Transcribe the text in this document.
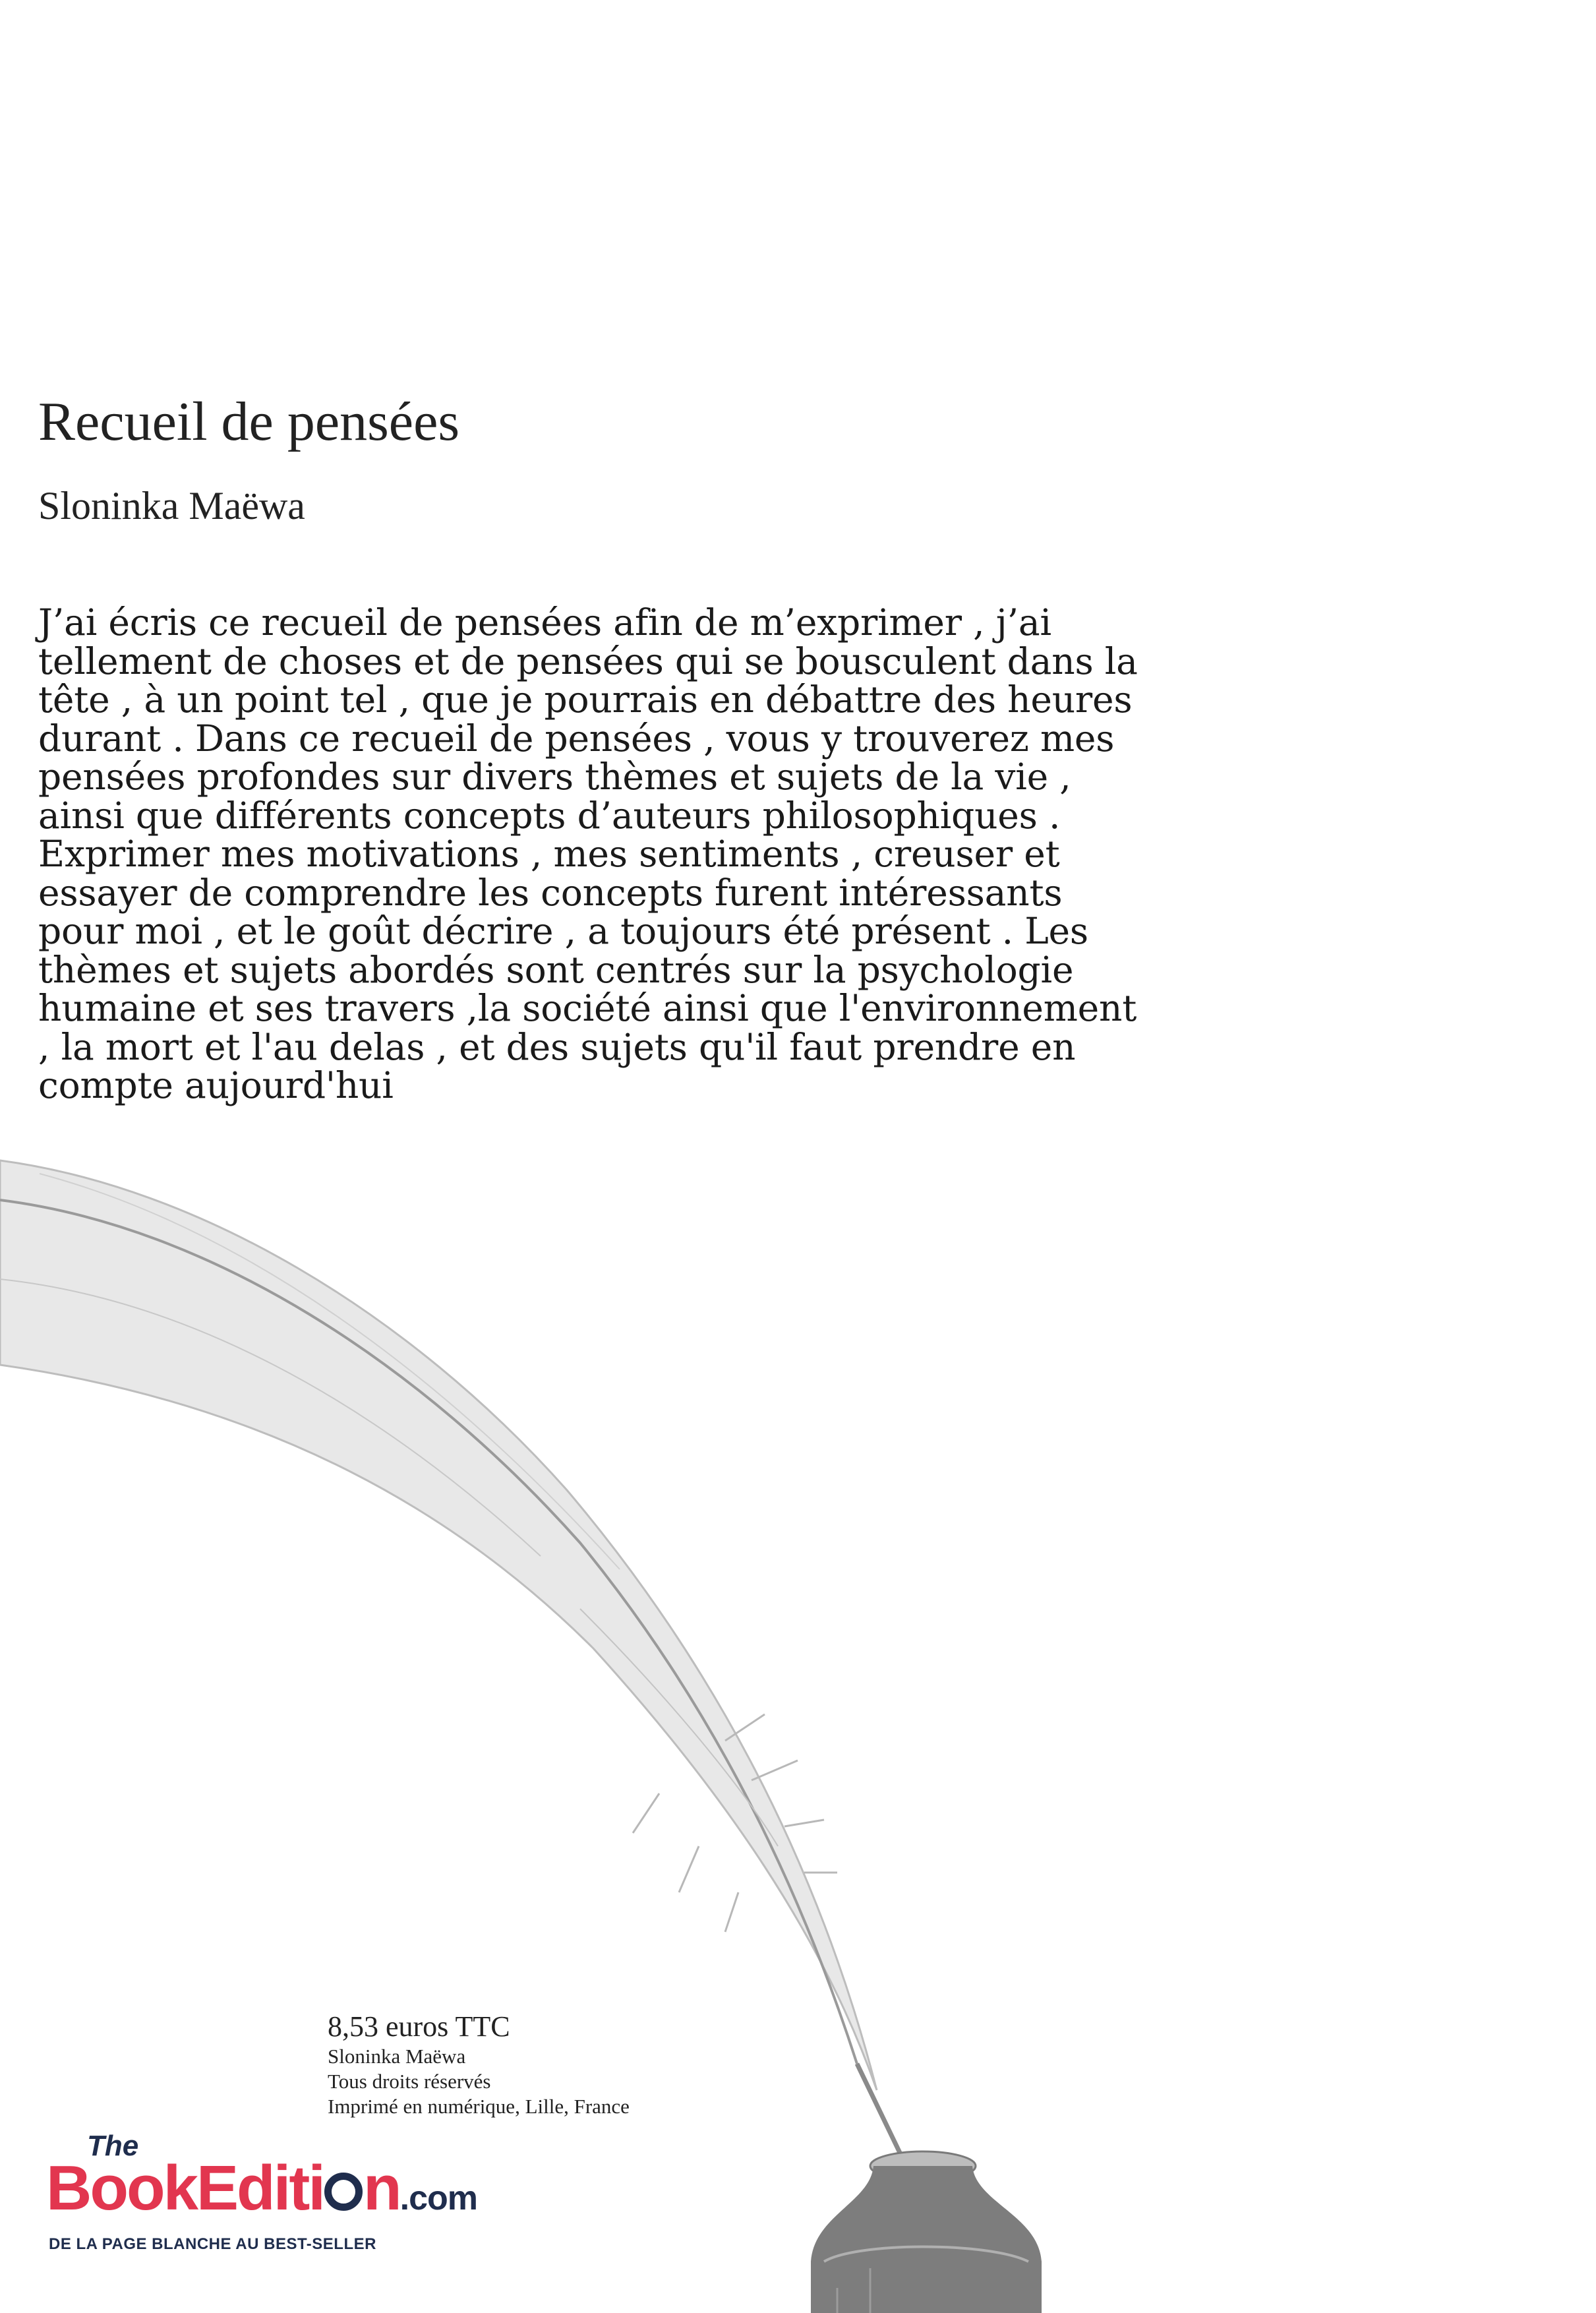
Recueil de pensées

Sloninka Maëwa

J’ai écris ce recueil de pensées afin de m’exprimer , j’ai
tellement de choses et de pensées qui se bousculent dans la
tête , à un point tel , que je pourrais en débattre des heures
durant . Dans ce recueil de pensées , vous y trouverez mes
pensées profondes sur divers thèmes et sujets de la vie ,
ainsi que différents concepts d’auteurs philosophiques .
Exprimer mes motivations , mes sentiments , creuser et
essayer de comprendre les concepts furent intéressants
pour moi , et le goût décrire , a toujours été présent . Les
thèmes et sujets abordés sont centrés sur la psychologie
humaine et ses travers ,la société ainsi que l'environnement
, la mort et l'au delas , et des sujets qu'il faut prendre en
compte aujourd'hui

8,53 euros TTC
Sloninka Maëwa
Tous droits réservés
Imprimé en numérique, Lille, France
The
BookEditi n.com
DE LA PAGE BLANCHE AU BEST-SELLER
